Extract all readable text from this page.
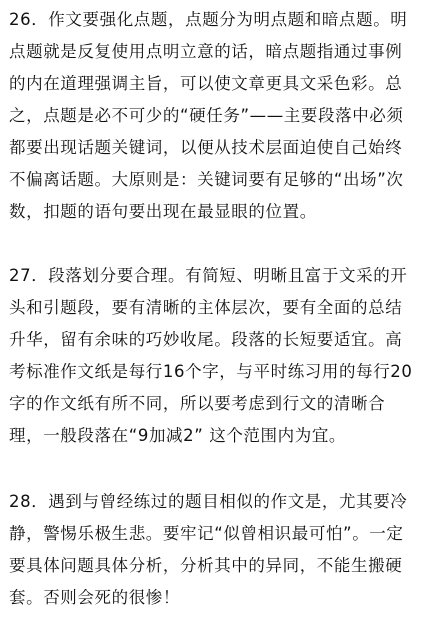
26．作文要强化点题，点题分为明点题和暗点题。明
点题就是反复使用点明立意的话，暗点题指通过事例
的内在道理强调主旨，可以使文章更具文采色彩。总
之，点题是必不可少的“硬任务”——主要段落中必须
都要出现话题关键词，以便从技术层面迫使自己始终
不偏离话题。大原则是：关键词要有足够的“出场”次
数，扣题的语句要出现在最显眼的位置。
27．段落划分要合理。有简短、明晰且富于文采的开
头和引题段，要有清晰的主体层次，要有全面的总结
升华，留有余味的巧妙收尾。段落的长短要适宜。高
考标准作文纸是每行16个字，与平时练习用的每行20
字的作文纸有所不同，所以要考虑到行文的清晰合
理，一般段落在“9加减2” 这个范围内为宜。
28．遇到与曾经练过的题目相似的作文是，尤其要冷
静，警惕乐极生悲。要牢记“似曾相识最可怕”。一定
要具体问题具体分析，分析其中的异同，不能生搬硬
套。否则会死的很惨！
